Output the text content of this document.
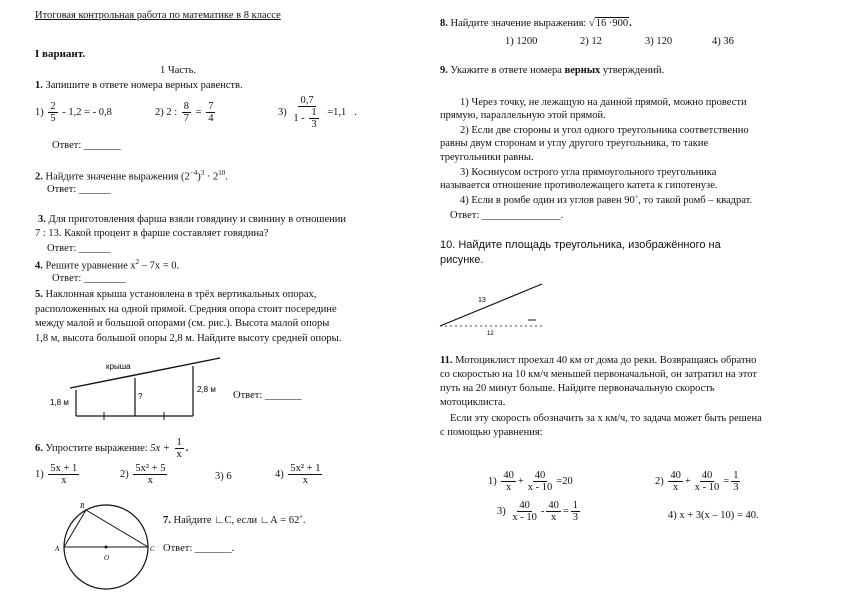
Итоговая контрольная работа по математике в 8 классе
I вариант.
1 Часть.
1. Запишите в ответе номера верных равенств.
$1) \frac{2}{5} - 1,2$ = - 0,8	2) 2 : $\frac{8}{7} = \frac{7}{4}$	$3) \frac{0,7}{1 - \frac{1}{3}} =1,1$ .
Ответ: _______
2. Найдите значение выражения $(2^{-4})^3 \cdot 2^{10}$.
Ответ: ______
3. Для приготовления фарша взяли говядину и свинину в отношении
7 : 13. Какой процент в фарше составляет говядина?
Ответ: ______
4. Решите уравнение $x^2 - 7x = 0$.
Ответ: ________
5. Наклонная крыша установлена в трёх вертикальных опорах,
расположенных на одной прямой. Средняя опора стоит посередине
между малой и большой опорами (см. рис.). Высота малой опоры
1,8 м, высота большой опоры 2,8 м. Найдите высоту средней опоры.
крыша
1,8 м
?
2,8 м
Ответ: _______
6. Упростите выражение: $5x + \frac{1}{x}$ .
$1) \frac{5x + 1}{x}$	$2) \frac{\text{5x² + 5}}{x}$	3) 6	$4) \frac{\text{5x² + 1}}{x}$
B
A
O
C
7. Найдите ∟С, если ∟А = 62˚.
Ответ: _______.
8. Найдите значение выражения: √16 ·900.
1) 1200	2) 12	3) 120	4) 36
9. Укажите в ответе номера верных утверждений.
1) Через точку, не лежащую на данной прямой, можно провести
прямую, параллельную этой прямой.
2) Если две стороны и угол одного треугольника соответственно
равны двум сторонам и углу другого треугольника, то такие
треугольники равны.
3) Косинусом острого угла прямоугольного треугольника
называется отношение противолежащего катета к гипотенузе.
4) Если в ромбе один из углов равен 90˚, то такой ромб – квадрат.
Ответ: _______________.
10. Найдите площадь треугольника, изображённого на
рисунке.
13
12
11. Мотоциклист проехал 40 км от дома до реки. Возвращаясь обратно
со скоростью на 10 км/ч меньшей первоначальной, он затратил на этот
путь на 20 минут больше. Найдите первоначальную скорость
мотоциклиста.
Если эту скорость обозначить за x км/ч, то задача может быть решена
с помощью уравнения:
$1) \frac{40}{x} + \frac{40}{x - 10} =20$	$2) \frac{40}{x} + \frac{40}{x - 10} = \frac{1}{3}$
$3) \frac{40}{x - 10} - \frac{40}{x} = \frac{1}{3}$	4) x + 3(x – 10) = 40.
